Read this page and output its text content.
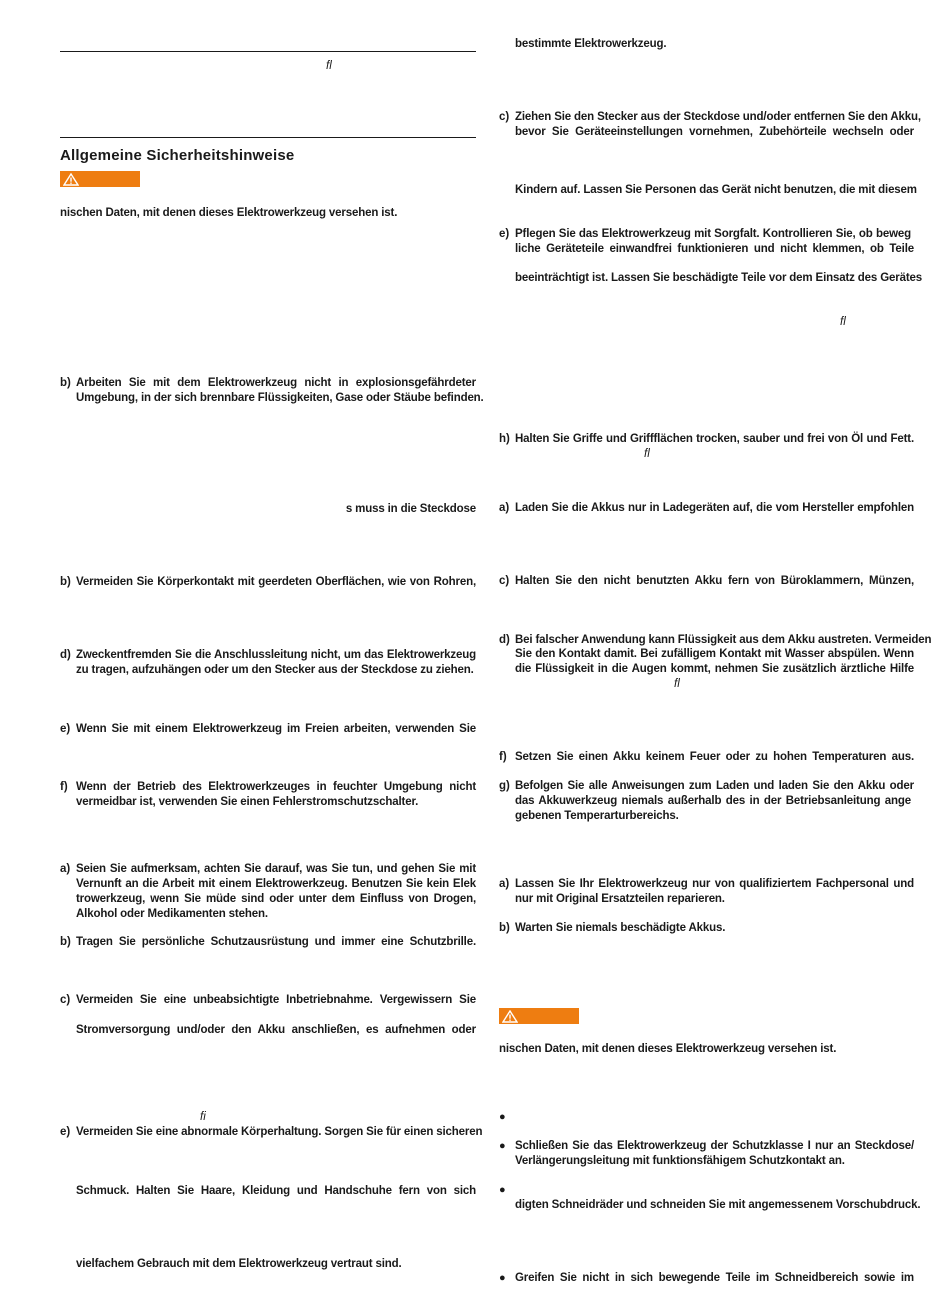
fl
Allgemeine Sicherheitshinweise
nischen Daten, mit denen dieses Elektrowerkzeug versehen ist.
b) Arbeiten Sie mit dem Elektrowerkzeug nicht in explosionsgefährdeter
Umgebung, in der sich brennbare Flüssigkeiten, Gase oder Stäube befinden.
s muss in die Steckdose
b) Vermeiden Sie Körperkontakt mit geerdeten Oberflächen, wie von Rohren,
d) Zweckentfremden Sie die Anschlussleitung nicht, um das Elektrowerkzeug
zu tragen, aufzuhängen oder um den Stecker aus der Steckdose zu ziehen.
e) Wenn Sie mit einem Elektrowerkzeug im Freien arbeiten, verwenden Sie
f) Wenn der Betrieb des Elektrowerkzeuges in feuchter Umgebung nicht
vermeidbar ist, verwenden Sie einen Fehlerstromschutzschalter.
a) Seien Sie aufmerksam, achten Sie darauf, was Sie tun, und gehen Sie mit
Vernunft an die Arbeit mit einem Elektrowerkzeug. Benutzen Sie kein Elek
trowerkzeug, wenn Sie müde sind oder unter dem Einfluss von Drogen,
Alkohol oder Medikamenten stehen.
b) Tragen Sie persönliche Schutzausrüstung und immer eine Schutzbrille.
c) Vermeiden Sie eine unbeabsichtigte Inbetriebnahme. Vergewissern Sie
Stromversorgung und/oder den Akku anschließen, es aufnehmen oder
fi
e) Vermeiden Sie eine abnormale Körperhaltung. Sorgen Sie für einen sicheren
Schmuck. Halten Sie Haare, Kleidung und Handschuhe fern von sich
vielfachem Gebrauch mit dem Elektrowerkzeug vertraut sind.
bestimmte Elektrowerkzeug.
c) Ziehen Sie den Stecker aus der Steckdose und/oder entfernen Sie den Akku,
bevor Sie Geräteeinstellungen vornehmen, Zubehörteile wechseln oder
Kindern auf. Lassen Sie Personen das Gerät nicht benutzen, die mit diesem
e) Pflegen Sie das Elektrowerkzeug mit Sorgfalt. Kontrollieren Sie, ob beweg
liche Geräteteile einwandfrei funktionieren und nicht klemmen, ob Teile
beeinträchtigt ist. Lassen Sie beschädigte Teile vor dem Einsatz des Gerätes
fl
h) Halten Sie Griffe und Griffflächen trocken, sauber und frei von Öl und Fett.
fl
a) Laden Sie die Akkus nur in Ladegeräten auf, die vom Hersteller empfohlen
c) Halten Sie den nicht benutzten Akku fern von Büroklammern, Münzen,
d) Bei falscher Anwendung kann Flüssigkeit aus dem Akku austreten. Vermeiden
Sie den Kontakt damit. Bei zufälligem Kontakt mit Wasser abspülen. Wenn
die Flüssigkeit in die Augen kommt, nehmen Sie zusätzlich ärztliche Hilfe
fl
f) Setzen Sie einen Akku keinem Feuer oder zu hohen Temperaturen aus.
g) Befolgen Sie alle Anweisungen zum Laden und laden Sie den Akku oder
das Akkuwerkzeug niemals außerhalb des in der Betriebsanleitung ange
gebenen Temperarturbereichs.
a) Lassen Sie Ihr Elektrowerkzeug nur von qualifiziertem Fachpersonal und
nur mit Original Ersatzteilen reparieren.
b) Warten Sie niemals beschädigte Akkus.
nischen Daten, mit denen dieses Elektrowerkzeug versehen ist.
●
● Schließen Sie das Elektrowerkzeug der Schutzklasse I nur an Steckdose/
Verlängerungsleitung mit funktionsfähigem Schutzkontakt an.
●
digten Schneidräder und schneiden Sie mit angemessenem Vorschubdruck.
● Greifen Sie nicht in sich bewegende Teile im Schneidbereich sowie im
